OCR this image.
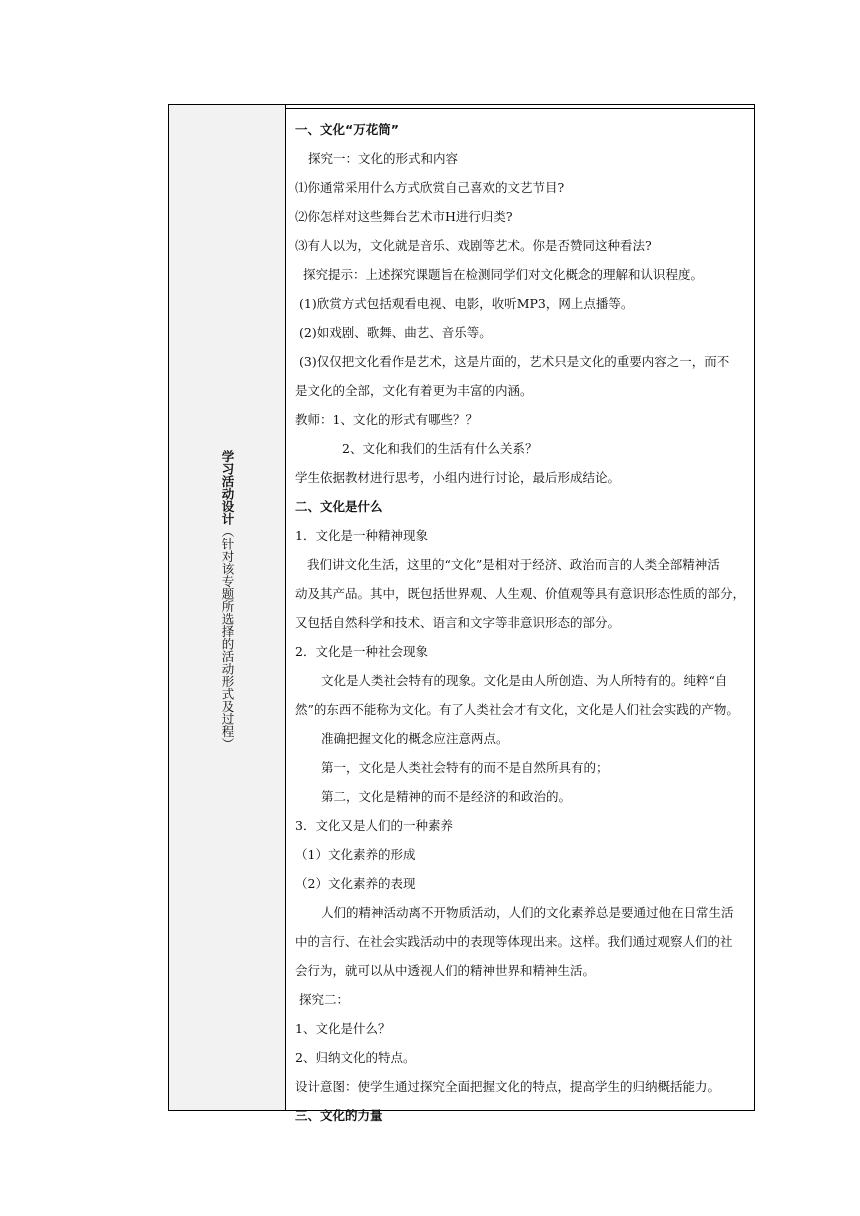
学习活动设计（针对该专题所选择的活动形式及过程）
一、文化“万花筒”
探究一：文化的形式和内容
⑴你通常采用什么方式欣赏自己喜欢的文艺节目?
⑵你怎样对这些舞台艺术市H进行归类?
⑶有人以为，文化就是音乐、戏剧等艺术。你是否赞同这种看法?
探究提示：上述探究课题旨在检测同学们对文化概念的理解和认识程度。
(1)欣赏方式包括观看电视、电影，收听MP3，网上点播等。
(2)如戏剧、歌舞、曲艺、音乐等。
(3)仅仅把文化看作是艺术，这是片面的，艺术只是文化的重要内容之一，而不
是文化的全部，文化有着更为丰富的内涵。
教师：1、文化的形式有哪些？？
2、文化和我们的生活有什么关系？
学生依据教材进行思考，小组内进行讨论，最后形成结论。
二、文化是什么
1．文化是一种精神现象
我们讲文化生活，这里的“文化”是相对于经济、政治而言的人类全部精神活
动及其产品。其中，既包括世界观、人生观、价值观等具有意识形态性质的部分，
又包括自然科学和技术、语言和文字等非意识形态的部分。
2．文化是一种社会现象
文化是人类社会特有的现象。文化是由人所创造、为人所特有的。纯粹“自
然”的东西不能称为文化。有了人类社会才有文化，文化是人们社会实践的产物。
准确把握文化的概念应注意两点。
第一，文化是人类社会特有的而不是自然所具有的；
第二，文化是精神的而不是经济的和政治的。
3．文化又是人们的一种素养
（1）文化素养的形成
（2）文化素养的表现
人们的精神活动离不开物质活动，人们的文化素养总是要通过他在日常生活
中的言行、在社会实践活动中的表现等体现出来。这样。我们通过观察人们的社
会行为，就可以从中透视人们的精神世界和精神生活。
探究二：
1、文化是什么？
2、归纳文化的特点。
设计意图：使学生通过探究全面把握文化的特点，提高学生的归纳概括能力。
三、文化的力量
